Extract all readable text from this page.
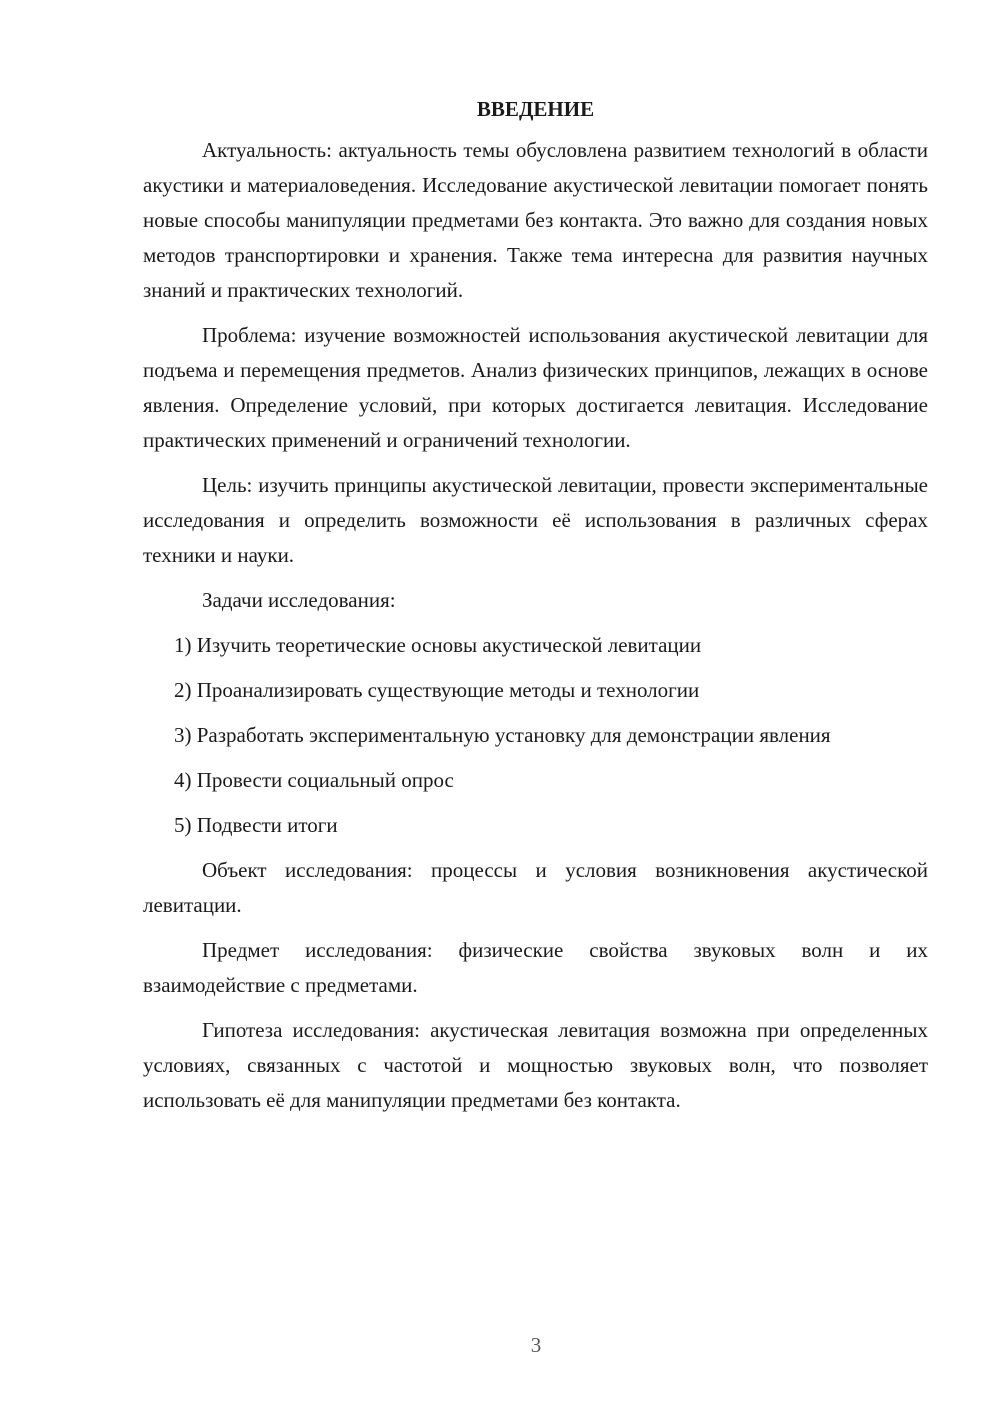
ВВЕДЕНИЕ

Актуальность: актуальность темы обусловлена развитием технологий в области акустики и материаловедения. Исследование акустической левитации помогает понять новые способы манипуляции предметами без контакта. Это важно для создания новых методов транспортировки и хранения. Также тема интересна для развития научных знаний и практических технологий.

Проблема: изучение возможностей использования акустической левитации для подъема и перемещения предметов. Анализ физических принципов, лежащих в основе явления. Определение условий, при которых достигается левитация. Исследование практических применений и ограничений технологии.

Цель: изучить принципы акустической левитации, провести экспериментальные исследования и определить возможности её использования в различных сферах техники и науки.

Задачи исследования:

1) Изучить теоретические основы акустической левитации

2) Проанализировать существующие методы и технологии

3) Разработать экспериментальную установку для демонстрации явления

4) Провести социальный опрос

5) Подвести итоги

Объект исследования: процессы и условия возникновения акустической левитации.

Предмет исследования: физические свойства звуковых волн и их взаимодействие с предметами.

Гипотеза исследования: акустическая левитация возможна при определенных условиях, связанных с частотой и мощностью звуковых волн, что позволяет использовать её для манипуляции предметами без контакта.

3
